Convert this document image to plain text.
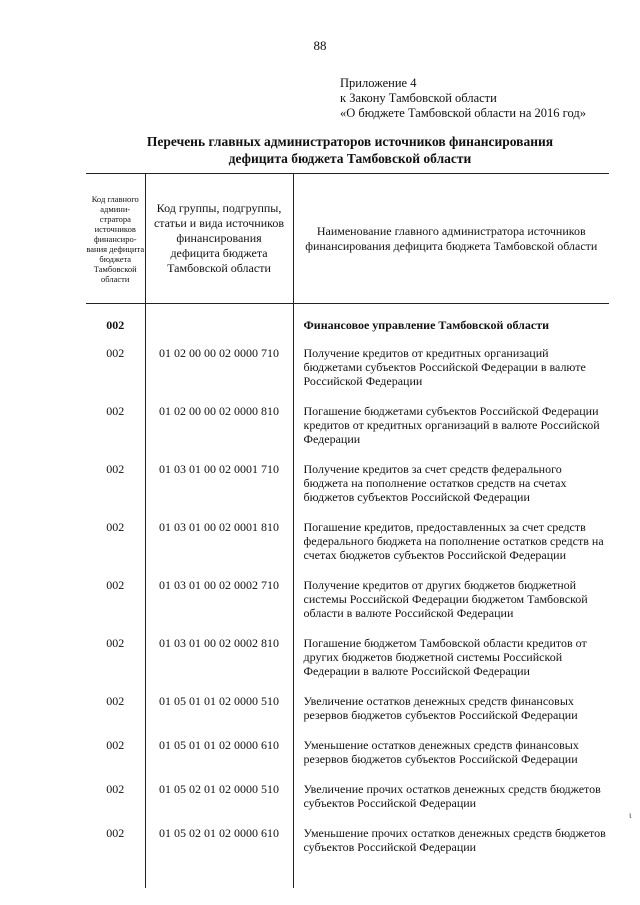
88
Приложение 4
к Закону Тамбовской области
«О бюджете Тамбовской области на 2016 год»
Перечень главных администраторов источников финансирования
дефицита бюджета Тамбовской области
Код главного админи-стратора источников финансиро-вания дефицита бюджета Тамбовской области	Код группы, подгруппы, статьи и вида источников финансирования дефицита бюджета Тамбовской области	Наименование главного администратора источников финансирования дефицита бюджета Тамбовской области

002		Финансовое управление Тамбовской области
002	01 02 00 00 02 0000 710	Получение кредитов от кредитных организаций бюджетами субъектов Российской Федерации в валюте Российской Федерации
002	01 02 00 00 02 0000 810	Погашение бюджетами субъектов Российской Федерации кредитов от кредитных организаций в валюте Российской Федерации
002	01 03 01 00 02 0001 710	Получение кредитов за счет средств федерального бюджета на пополнение остатков средств на счетах бюджетов субъектов Российской Федерации
002	01 03 01 00 02 0001 810	Погашение кредитов, предоставленных за счет средств федерального бюджета на пополнение остатков средств на счетах бюджетов субъектов Российской Федерации
002	01 03 01 00 02 0002 710	Получение кредитов от других бюджетов бюджетной системы Российской Федерации бюджетом Тамбовской области в валюте Российской Федерации
002	01 03 01 00 02 0002 810	Погашение бюджетом Тамбовской области кредитов от других бюджетов бюджетной системы Российской Федерации в валюте Российской Федерации
002	01 05 01 01 02 0000 510	Увеличение остатков денежных средств финансовых резервов бюджетов субъектов Российской Федерации
002	01 05 01 01 02 0000 610	Уменьшение остатков денежных средств финансовых резервов бюджетов субъектов Российской Федерации
002	01 05 02 01 02 0000 510	Увеличение прочих остатков денежных средств бюджетов субъектов Российской Федерации
002	01 05 02 01 02 0000 610	Уменьшение прочих остатков денежных средств бюджетов субъектов Российской Федерации
ι
